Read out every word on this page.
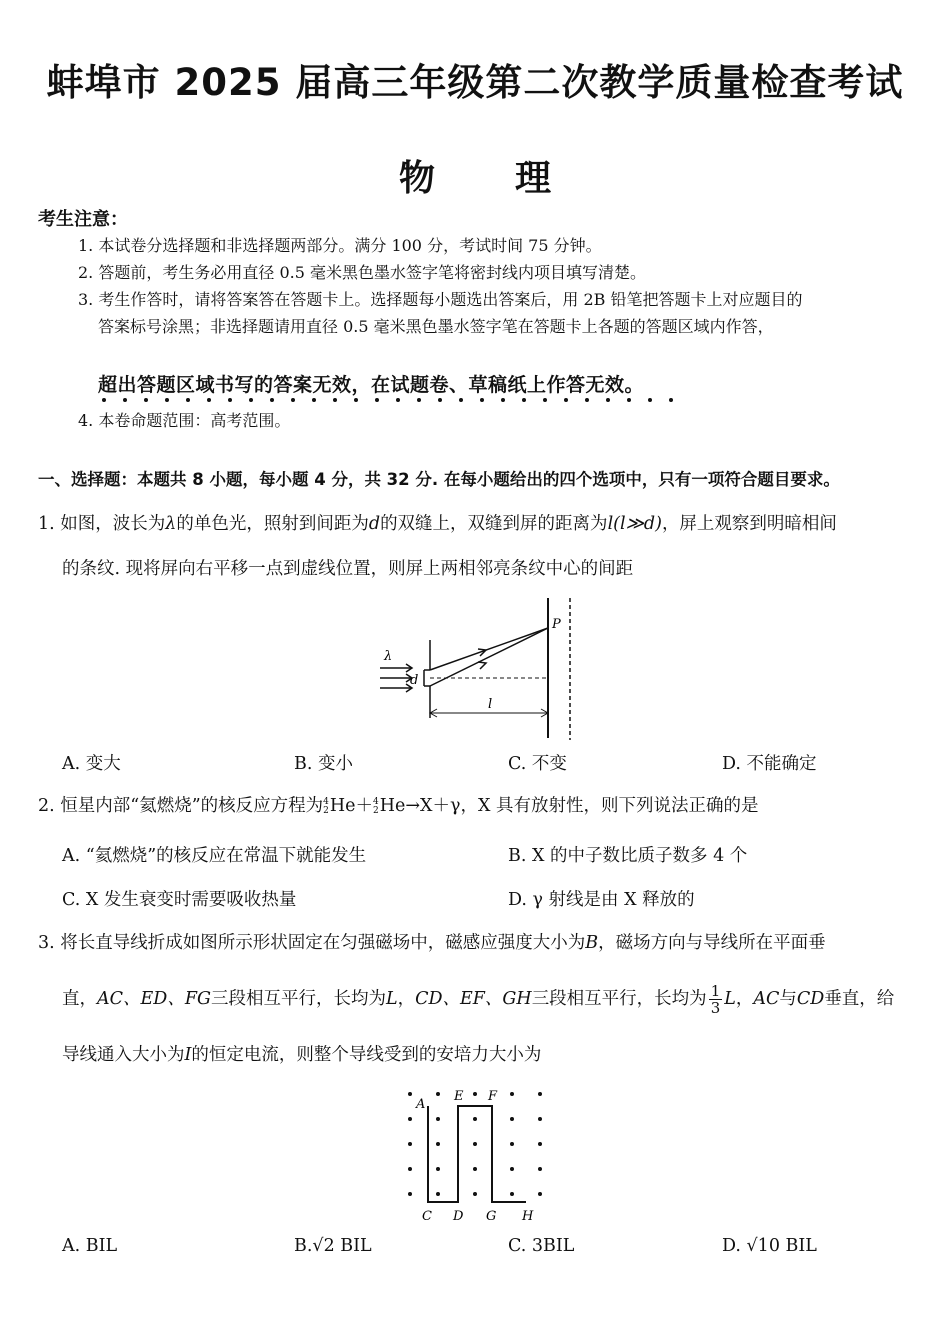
蚌埠市 2025 届高三年级第二次教学质量检查考试
物 理
考生注意：
1. 本试卷分选择题和非选择题两部分。满分 100 分，考试时间 75 分钟。
2. 答题前，考生务必用直径 0.5 毫米黑色墨水签字笔将密封线内项目填写清楚。
3. 考生作答时，请将答案答在答题卡上。选择题每小题选出答案后，用 2B 铅笔把答题卡上对应题目的
答案标号涂黑；非选择题请用直径 0.5 毫米黑色墨水签字笔在答题卡上各题的答题区域内作答，
超出答题区域书写的答案无效，在试题卷、草稿纸上作答无效。
4. 本卷命题范围：高考范围。
一、选择题：本题共 8 小题，每小题 4 分，共 32 分. 在每小题给出的四个选项中，只有一项符合题目要求。
1. 如图，波长为λ的单色光，照射到间距为d的双缝上，双缝到屏的距离为l(l≫d)，屏上观察到明暗相间
的条纹. 现将屏向右平移一点到虚线位置，则屏上两相邻亮条纹中心的间距
λ
d
l
P
A. 变大	B. 变小	C. 不变	D. 不能确定
2. 恒星内部“氦燃烧”的核反应方程为 4
2 He＋ 4
2 He→X＋γ，X 具有放射性，则下列说法正确的是
A. “氦燃烧”的核反应在常温下就能发生	B. X 的中子数比质子数多 4 个
C. X 发生衰变时需要吸收热量	D. γ 射线是由 X 释放的
3. 将长直导线折成如图所示形状固定在匀强磁场中，磁感应强度大小为B，磁场方向与导线所在平面垂
直，AC、ED、FG三段相互平行，长均为L，CD、EF、GH三段相互平行，长均为 $\frac{1}{3}$ L，AC与CD垂直，给
导线通入大小为I的恒定电流，则整个导线受到的安培力大小为
A
C D
E F
G H
A. BIL	B.√2 BIL	C. 3BIL	D. √10 BIL
